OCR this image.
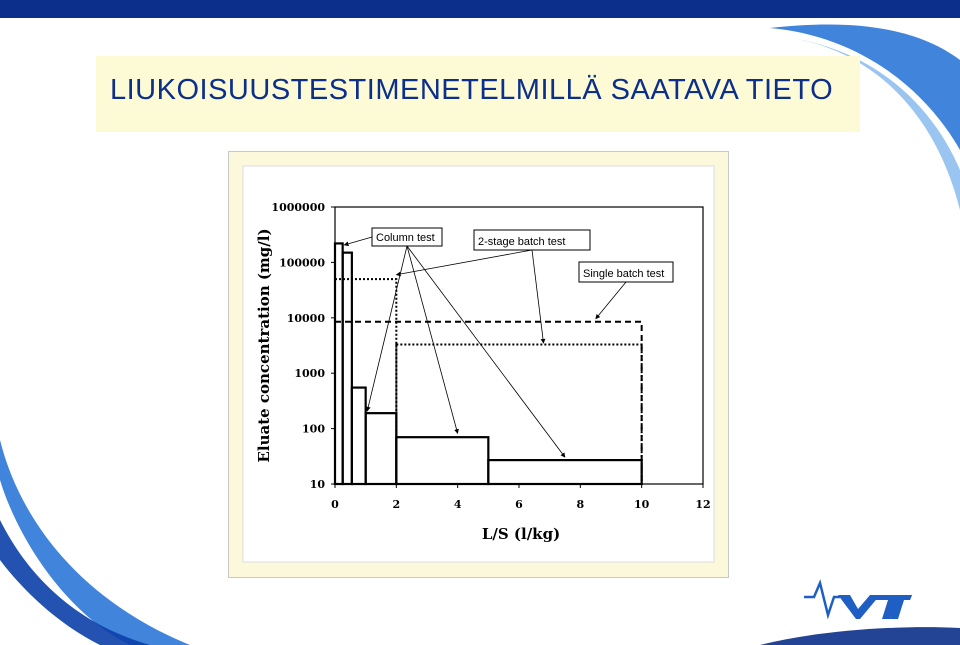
LIUKOISUUSTESTIMENETELMILLÄ SAATAVA TIETO
10
100
1000
10000
100000
1000000
0	2	4	6	8	10	12
L/S (l/kg)
Eluate concentration (mg/l)	Column test	2-stage batch test
Single batch test
